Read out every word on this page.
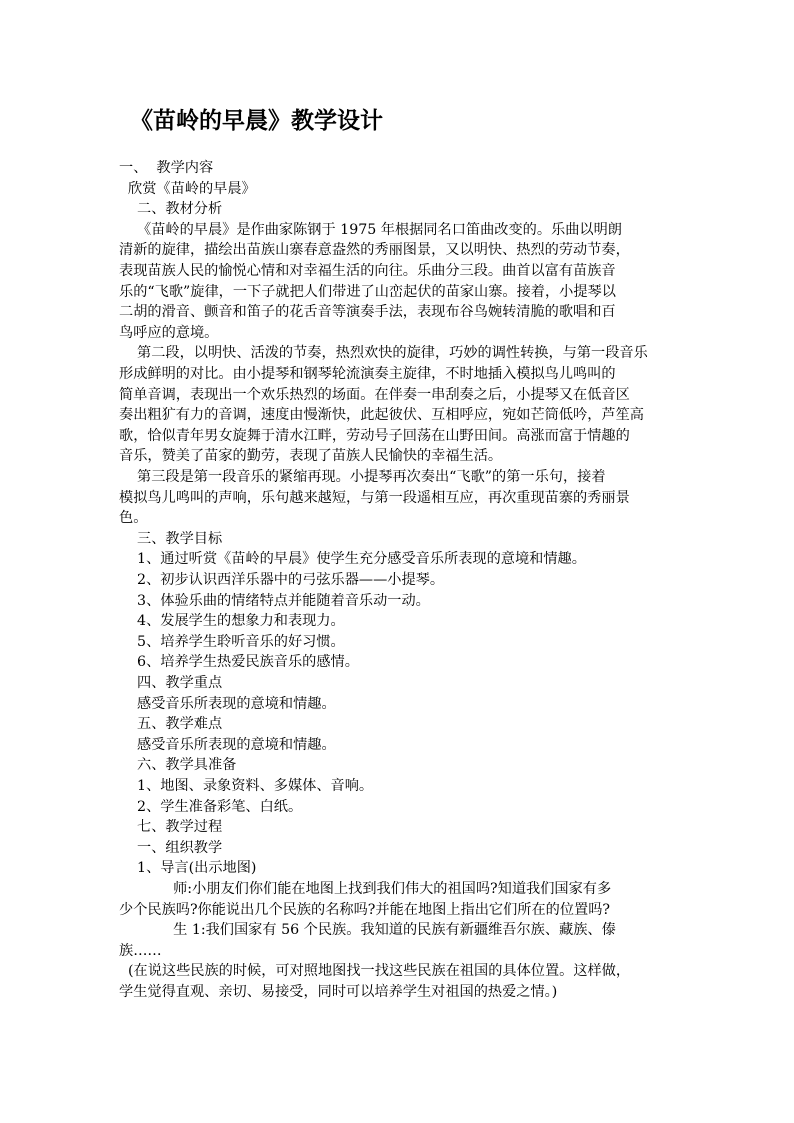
《苗岭的早晨》教学设计
一、  教学内容
欣赏《苗岭的早晨》
二、教材分析
《苗岭的早晨》是作曲家陈钢于 1975 年根据同名口笛曲改变的。乐曲以明朗
清新的旋律，描绘出苗族山寨春意盎然的秀丽图景，又以明快、热烈的劳动节奏，
表现苗族人民的愉悦心情和对幸福生活的向往。乐曲分三段。曲首以富有苗族音
乐的“飞歌”旋律，一下子就把人们带进了山峦起伏的苗家山寨。接着，小提琴以
二胡的滑音、颤音和笛子的花舌音等演奏手法，表现布谷鸟婉转清脆的歌唱和百
鸟呼应的意境。
第二段，以明快、活泼的节奏，热烈欢快的旋律，巧妙的调性转换，与第一段音乐
形成鲜明的对比。由小提琴和钢琴轮流演奏主旋律，不时地插入模拟鸟儿鸣叫的
简单音调，表现出一个欢乐热烈的场面。在伴奏一串刮奏之后，小提琴又在低音区
奏出粗犷有力的音调，速度由慢渐快，此起彼伏、互相呼应，宛如芒筒低吟，芦笙高
歌，恰似青年男女旋舞于清水江畔，劳动号子回荡在山野田间。高涨而富于情趣的
音乐，赞美了苗家的勤劳，表现了苗族人民愉快的幸福生活。
第三段是第一段音乐的紧缩再现。小提琴再次奏出“飞歌”的第一乐句，接着
模拟鸟儿鸣叫的声响，乐句越来越短，与第一段遥相互应，再次重现苗寨的秀丽景
色。
三、教学目标
1、通过听赏《苗岭的早晨》使学生充分感受音乐所表现的意境和情趣。
2、初步认识西洋乐器中的弓弦乐器——小提琴。
3、体验乐曲的情绪特点并能随着音乐动一动。
4、发展学生的想象力和表现力。
5、培养学生聆听音乐的好习惯。
6、培养学生热爱民族音乐的感情。
四、教学重点
感受音乐所表现的意境和情趣。
五、教学难点
感受音乐所表现的意境和情趣。
六、教学具准备
1、地图、录象资料、多媒体、音响。
2、学生准备彩笔、白纸。
七、教学过程
一、组织教学
1、导言(出示地图)
师:小朋友们你们能在地图上找到我们伟大的祖国吗?知道我们国家有多
少个民族吗?你能说出几个民族的名称吗?并能在地图上指出它们所在的位置吗?
生 1:我们国家有 56 个民族。我知道的民族有新疆维吾尔族、藏族、傣
族……
(在说这些民族的时候，可对照地图找一找这些民族在祖国的具体位置。这样做，
学生觉得直观、亲切、易接受，同时可以培养学生对祖国的热爱之情。)
